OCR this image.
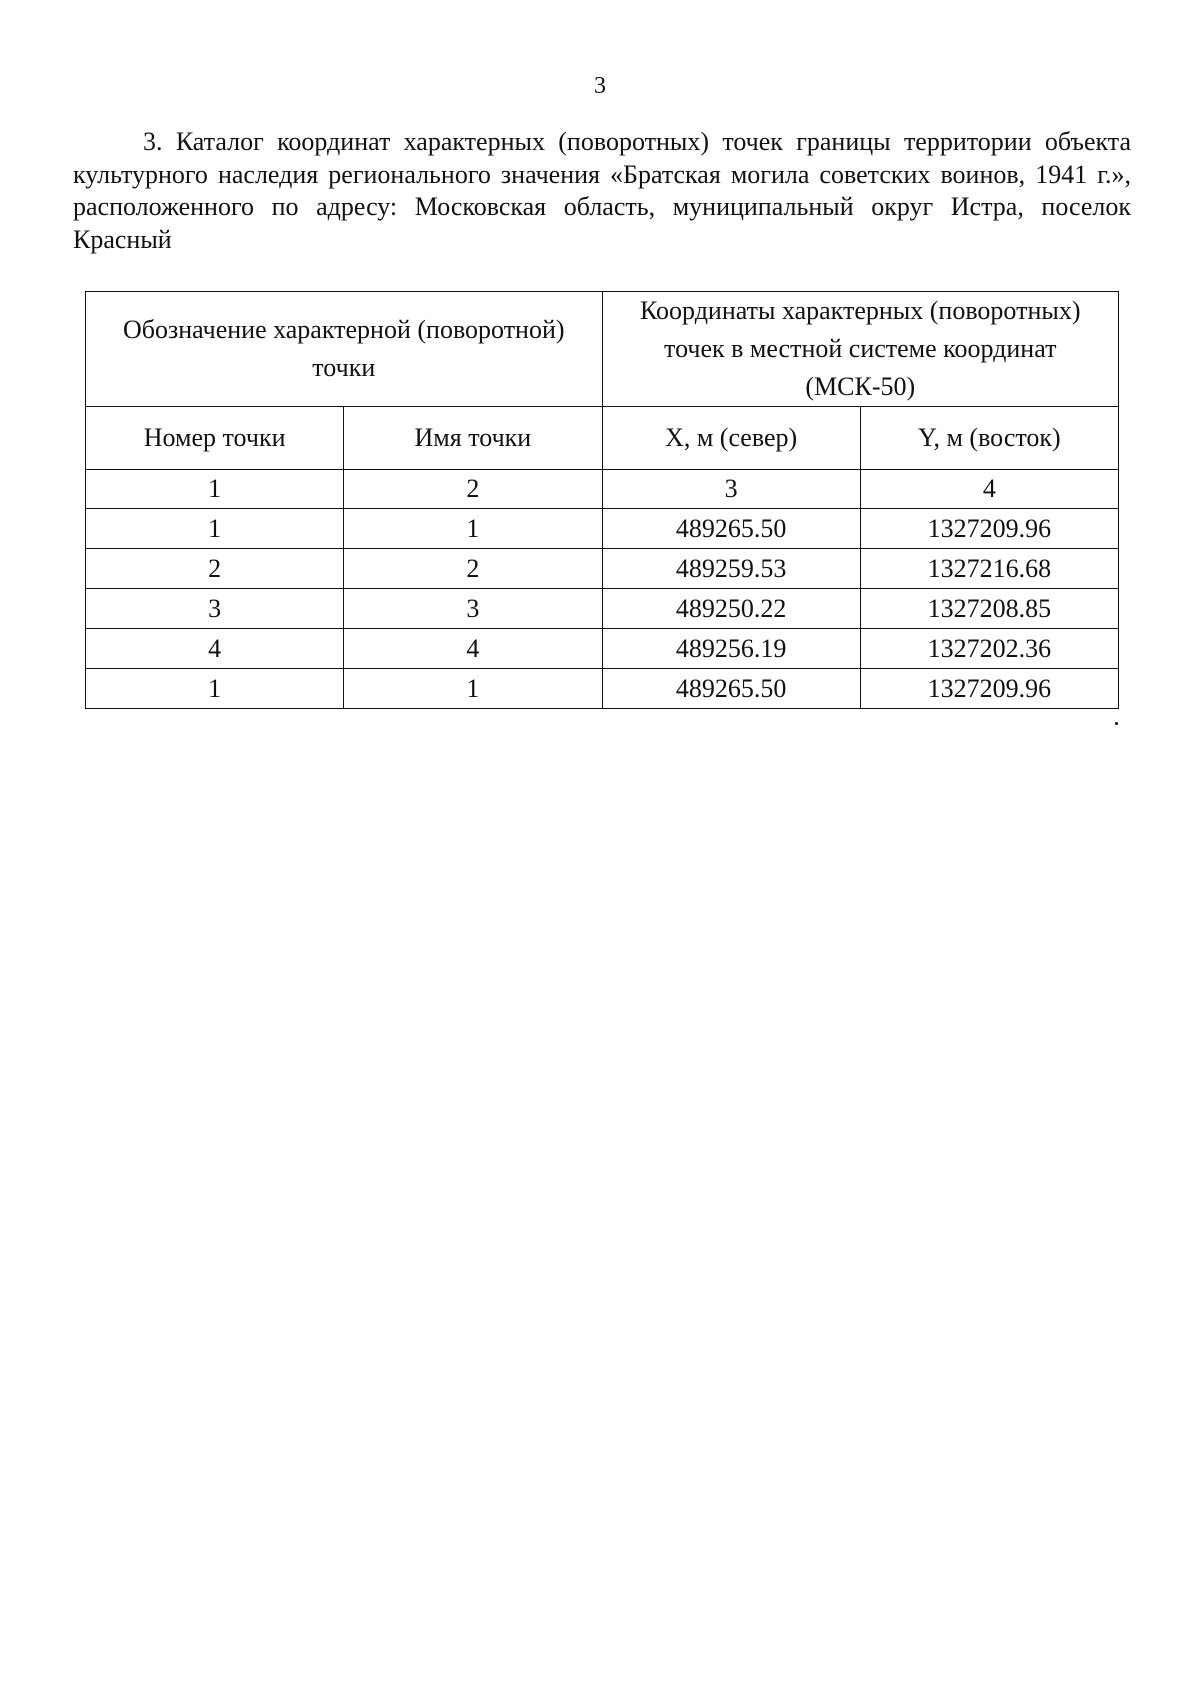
3

3. Каталог координат характерных (поворотных) точек границы территории объекта культурного наследия регионального значения «Братская могила советских воинов, 1941 г.», расположенного по адресу: Московская область, муниципальный округ Истра, поселок Красный

Обозначение характерной (поворотной) точки		Координаты характерных (поворотных) точек в местной системе координат (МСК-50)	
Номер точки	Имя точки	X, м (север)	Y, м (восток)
1	2	3	4
1	1	489265.50	1327209.96
2	2	489259.53	1327216.68
3	3	489250.22	1327208.85
4	4	489256.19	1327202.36
1	1	489265.50	1327209.96
